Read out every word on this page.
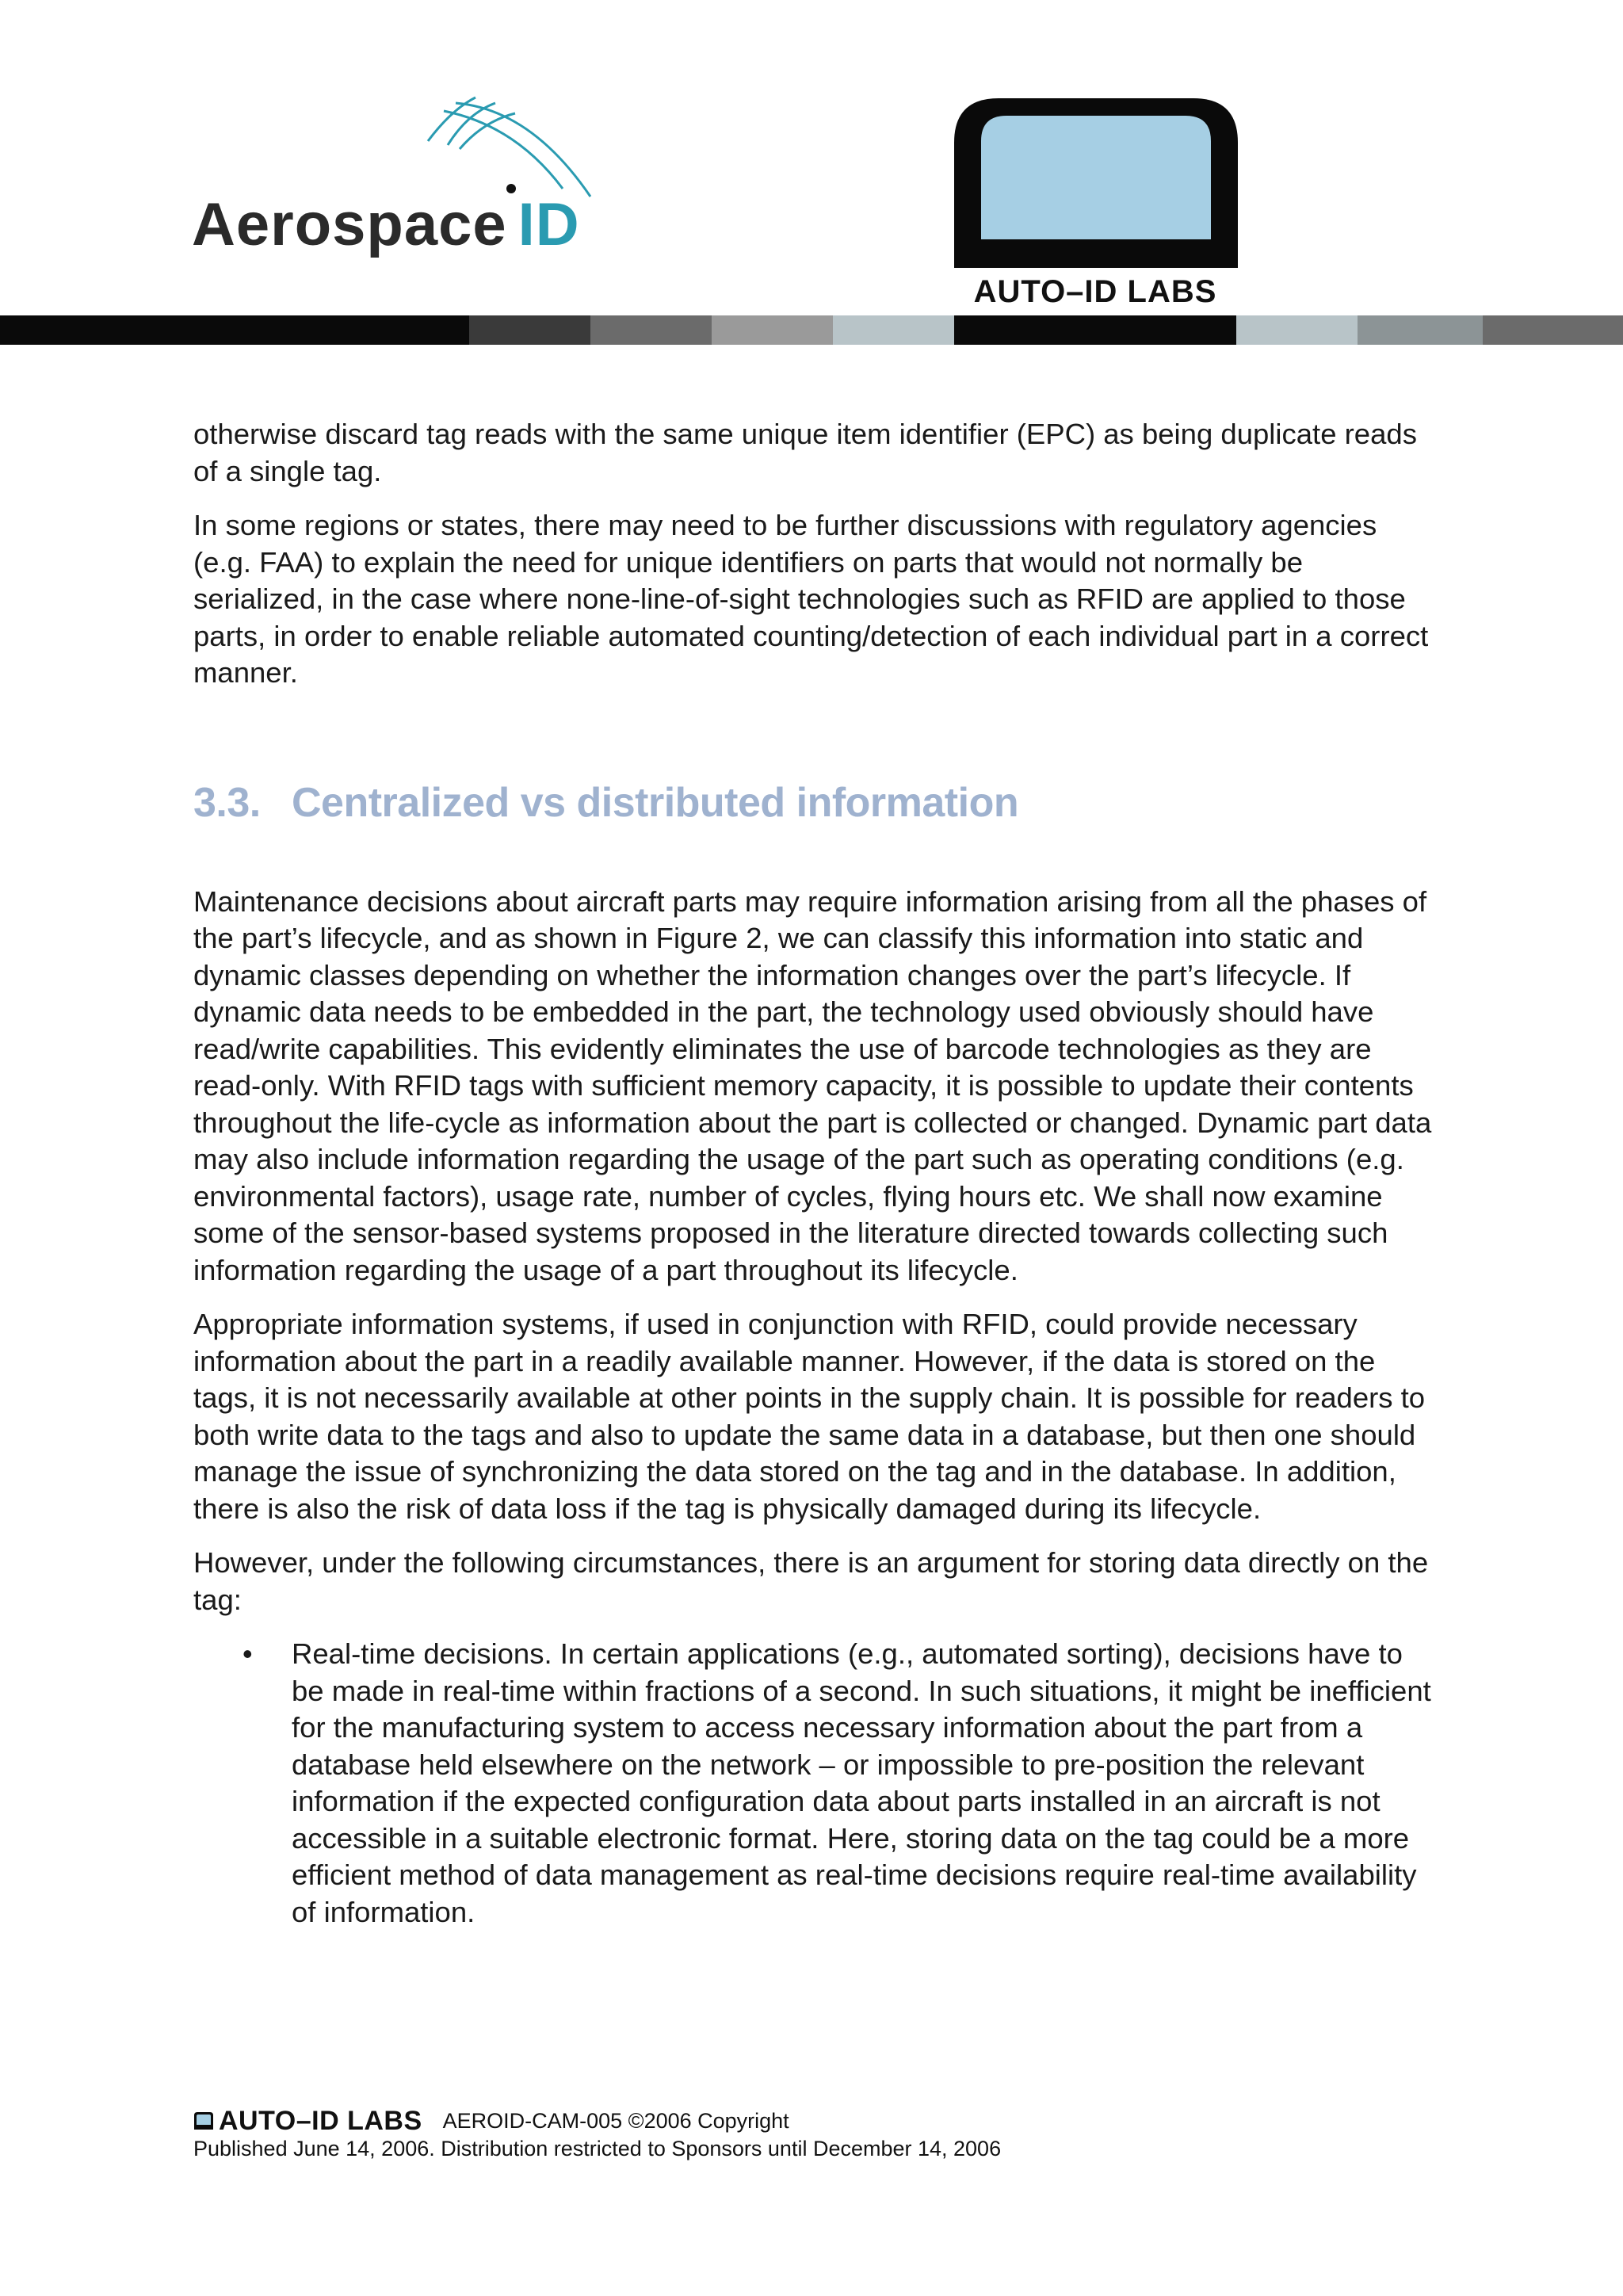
Aerospace ID
AUTO–ID LABS

otherwise discard tag reads with the same unique item identifier (EPC) as being duplicate reads of a single tag.

In some regions or states, there may need to be further discussions with regulatory agencies (e.g. FAA) to explain the need for unique identifiers on parts that would not normally be serialized, in the case where none-line-of-sight technologies such as RFID are applied to those parts, in order to enable reliable automated counting/detection of each individual part in a correct manner.

3.3. Centralized vs distributed information

Maintenance decisions about aircraft parts may require information arising from all the phases of the part’s lifecycle, and as shown in Figure 2, we can classify this information into static and dynamic classes depending on whether the information changes over the part’s lifecycle. If dynamic data needs to be embedded in the part, the technology used obviously should have read/write capabilities. This evidently eliminates the use of barcode technologies as they are read-only. With RFID tags with sufficient memory capacity, it is possible to update their contents throughout the life-cycle as information about the part is collected or changed. Dynamic part data may also include information regarding the usage of the part such as operating conditions (e.g. environmental factors), usage rate, number of cycles, flying hours etc. We shall now examine some of the sensor-based systems proposed in the literature directed towards collecting such information regarding the usage of a part throughout its lifecycle.

Appropriate information systems, if used in conjunction with RFID, could provide necessary information about the part in a readily available manner. However, if the data is stored on the tags, it is not necessarily available at other points in the supply chain. It is possible for readers to both write data to the tags and also to update the same data in a database, but then one should manage the issue of synchronizing the data stored on the tag and in the database. In addition, there is also the risk of data loss if the tag is physically damaged during its lifecycle.

However, under the following circumstances, there is an argument for storing data directly on the tag:

• Real-time decisions. In certain applications (e.g., automated sorting), decisions have to be made in real-time within fractions of a second. In such situations, it might be inefficient for the manufacturing system to access necessary information about the part from a database held elsewhere on the network – or impossible to pre-position the relevant information if the expected configuration data about parts installed in an aircraft is not accessible in a suitable electronic format. Here, storing data on the tag could be a more efficient method of data management as real-time decisions require real-time availability of information.
AUTO–ID LABS AEROID-CAM-005 ©2006 Copyright
Published June 14, 2006. Distribution restricted to Sponsors until December 14, 2006
